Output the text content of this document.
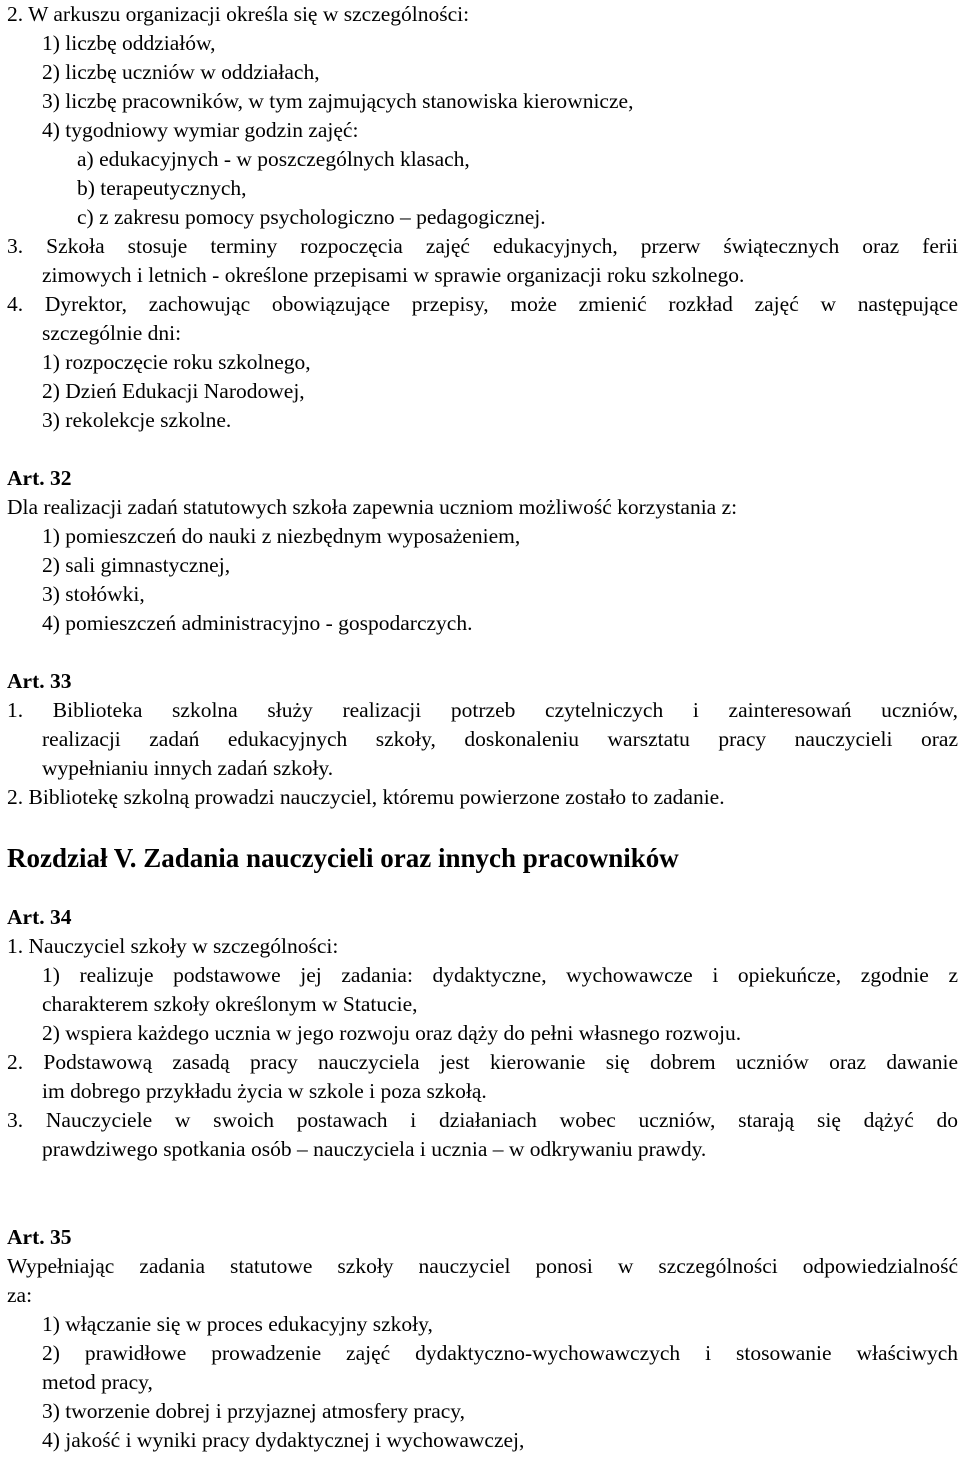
2. W arkuszu organizacji określa się w szczególności:
1) liczbę oddziałów,
2) liczbę uczniów w oddziałach,
3) liczbę pracowników, w tym zajmujących stanowiska kierownicze,
4) tygodniowy wymiar godzin zajęć:
a) edukacyjnych - w poszczególnych klasach,
b) terapeutycznych,
c) z zakresu pomocy psychologiczno – pedagogicznej.
3. Szkoła stosuje terminy rozpoczęcia zajęć edukacyjnych, przerw świątecznych oraz ferii
zimowych i letnich - określone przepisami w sprawie organizacji roku szkolnego.
4. Dyrektor, zachowując obowiązujące przepisy, może zmienić rozkład zajęć w następujące
szczególnie dni:
1) rozpoczęcie roku szkolnego,
2) Dzień Edukacji Narodowej,
3) rekolekcje szkolne.
Art. 32
Dla realizacji zadań statutowych szkoła zapewnia uczniom możliwość korzystania z:
1) pomieszczeń do nauki z niezbędnym wyposażeniem,
2) sali gimnastycznej,
3) stołówki,
4) pomieszczeń administracyjno - gospodarczych.
Art. 33
1. Biblioteka szkolna służy realizacji potrzeb czytelniczych i zainteresowań uczniów,
realizacji zadań edukacyjnych szkoły, doskonaleniu warsztatu pracy nauczycieli oraz
wypełnianiu innych zadań szkoły.
2. Bibliotekę szkolną prowadzi nauczyciel, któremu powierzone zostało to zadanie.
Rozdział V. Zadania nauczycieli oraz innych pracowników
Art. 34
1. Nauczyciel szkoły w szczególności:
1) realizuje podstawowe jej zadania: dydaktyczne, wychowawcze i opiekuńcze, zgodnie z
charakterem szkoły określonym w Statucie,
2) wspiera każdego ucznia w jego rozwoju oraz dąży do pełni własnego rozwoju.
2. Podstawową zasadą pracy nauczyciela jest kierowanie się dobrem uczniów oraz dawanie
im dobrego przykładu życia w szkole i poza szkołą.
3. Nauczyciele w swoich postawach i działaniach wobec uczniów, starają się dążyć do
prawdziwego spotkania osób – nauczyciela i ucznia – w odkrywaniu prawdy.
Art. 35
Wypełniając zadania statutowe szkoły nauczyciel ponosi w szczególności odpowiedzialność
za:
1) włączanie się w proces edukacyjny szkoły,
2) prawidłowe prowadzenie zajęć dydaktyczno-wychowawczych i stosowanie właściwych
metod pracy,
3) tworzenie dobrej i przyjaznej atmosfery pracy,
4) jakość i wyniki pracy dydaktycznej i wychowawczej,
